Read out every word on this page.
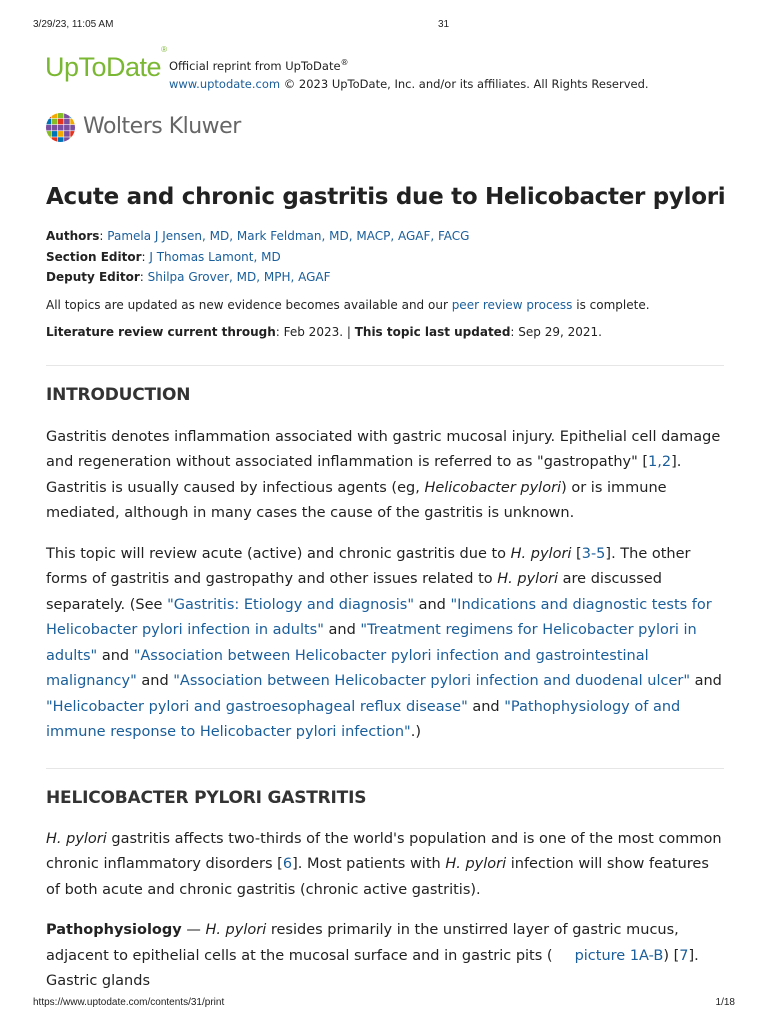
3/29/23, 11:05 AM	31
UpToDate®
Official reprint from UpToDate®
www.uptodate.com © 2023 UpToDate, Inc. and/or its affiliates. All Rights Reserved.
Wolters Kluwer
Acute and chronic gastritis due to Helicobacter pylori
Authors: Pamela J Jensen, MD, Mark Feldman, MD, MACP, AGAF, FACG
Section Editor: J Thomas Lamont, MD
Deputy Editor: Shilpa Grover, MD, MPH, AGAF
All topics are updated as new evidence becomes available and our peer review process is complete.
Literature review current through: Feb 2023. | This topic last updated: Sep 29, 2021.
INTRODUCTION

Gastritis denotes inflammation associated with gastric mucosal injury. Epithelial cell damage and regeneration without associated inflammation is referred to as "gastropathy" [1,2]. Gastritis is usually caused by infectious agents (eg, Helicobacter pylori) or is immune mediated, although in many cases the cause of the gastritis is unknown.

This topic will review acute (active) and chronic gastritis due to H. pylori [3-5]. The other forms of gastritis and gastropathy and other issues related to H. pylori are discussed separately. (See "Gastritis: Etiology and diagnosis" and "Indications and diagnostic tests for Helicobacter pylori infection in adults" and "Treatment regimens for Helicobacter pylori in adults" and "Association between Helicobacter pylori infection and gastrointestinal malignancy" and "Association between Helicobacter pylori infection and duodenal ulcer" and "Helicobacter pylori and gastroesophageal reflux disease" and "Pathophysiology of and immune response to Helicobacter pylori infection".)

HELICOBACTER PYLORI GASTRITIS

H. pylori gastritis affects two-thirds of the world's population and is one of the most common chronic inflammatory disorders [6]. Most patients with H. pylori infection will show features of both acute and chronic gastritis (chronic active gastritis).

Pathophysiology — H. pylori resides primarily in the unstirred layer of gastric mucus, adjacent to epithelial cells at the mucosal surface and in gastric pits ( picture 1A-B) [7]. Gastric glands

https://www.uptodate.com/contents/31/print	1/18
